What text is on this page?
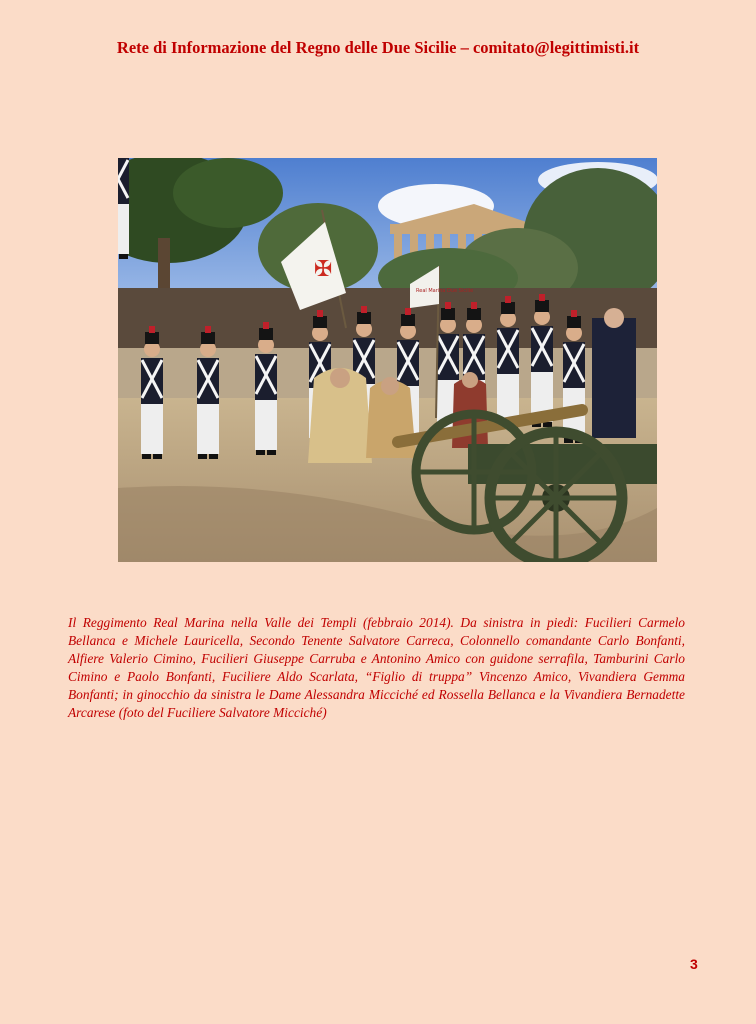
Rete di Informazione del Regno delle Due Sicilie – comitato@legittimisti.it
✠
Real Marina Due Sicilie
Il Reggimento Real Marina nella Valle dei Templi (febbraio 2014). Da sinistra in piedi: Fucilieri Carmelo Bellanca e Michele Lauricella, Secondo Tenente Salvatore Carreca, Colonnello comandante Carlo Bonfanti, Alfiere Valerio Cimino, Fucilieri Giuseppe Carruba e Antonino Amico con guidone serrafila, Tamburini Carlo Cimino e Paolo Bonfanti, Fuciliere Aldo Scarlata, “Figlio di truppa” Vincenzo Amico, Vivandiera Gemma Bonfanti; in ginocchio da sinistra le Dame Alessandra Micciché ed Rossella Bellanca e la Vivandiera Bernadette Arcarese (foto del Fuciliere Salvatore Micciché)
3
